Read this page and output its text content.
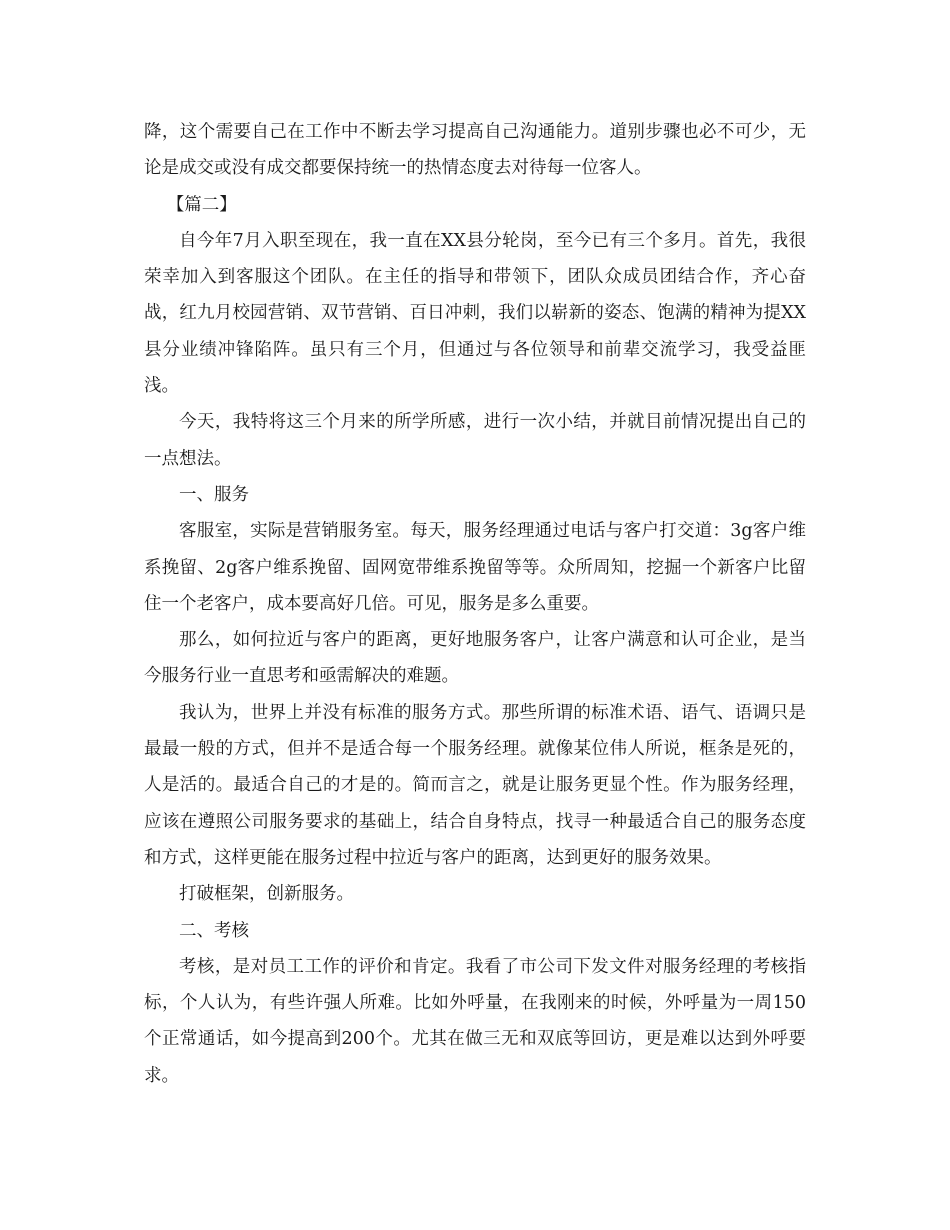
降，这个需要自己在工作中不断去学习提高自己沟通能力。道别步骤也必不可少，无论是成交或没有成交都要保持统一的热情态度去对待每一位客人。

【篇二】

自今年7月入职至现在，我一直在XX县分轮岗，至今已有三个多月。首先，我很荣幸加入到客服这个团队。在主任的指导和带领下，团队众成员团结合作，齐心奋战，红九月校园营销、双节营销、百日冲刺，我们以崭新的姿态、饱满的精神为提XX县分业绩冲锋陷阵。虽只有三个月，但通过与各位领导和前辈交流学习，我受益匪浅。

今天，我特将这三个月来的所学所感，进行一次小结，并就目前情况提出自己的一点想法。

一、服务

客服室，实际是营销服务室。每天，服务经理通过电话与客户打交道：3g客户维系挽留、2g客户维系挽留、固网宽带维系挽留等等。众所周知，挖掘一个新客户比留住一个老客户，成本要高好几倍。可见，服务是多么重要。

那么，如何拉近与客户的距离，更好地服务客户，让客户满意和认可企业，是当今服务行业一直思考和亟需解决的难题。

我认为，世界上并没有标准的服务方式。那些所谓的标准术语、语气、语调只是最最一般的方式，但并不是适合每一个服务经理。就像某位伟人所说，框条是死的，人是活的。最适合自己的才是的。简而言之，就是让服务更显个性。作为服务经理，应该在遵照公司服务要求的基础上，结合自身特点，找寻一种最适合自己的服务态度和方式，这样更能在服务过程中拉近与客户的距离，达到更好的服务效果。

打破框架，创新服务。

二、考核

考核，是对员工工作的评价和肯定。我看了市公司下发文件对服务经理的考核指标，个人认为，有些许强人所难。比如外呼量，在我刚来的时候，外呼量为一周150个正常通话，如今提高到200个。尤其在做三无和双底等回访，更是难以达到外呼要求。
